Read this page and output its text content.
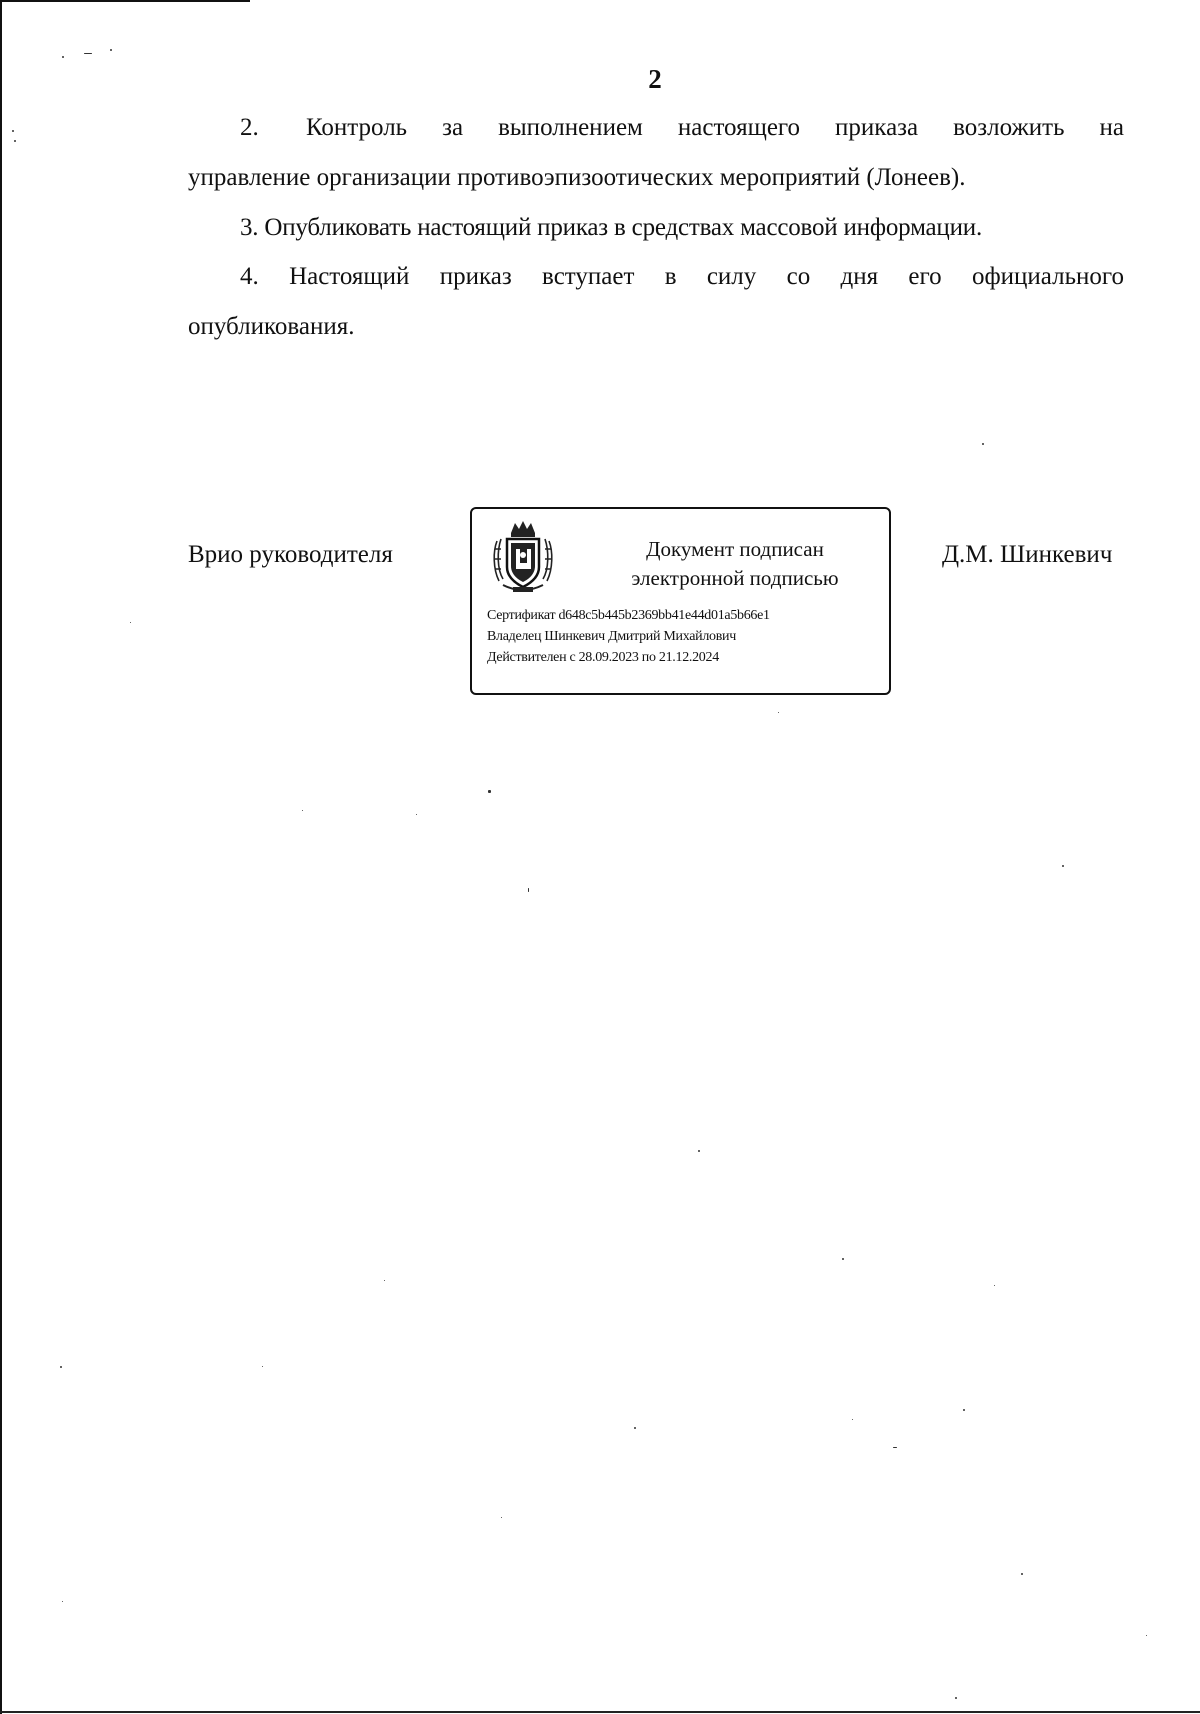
2
2. Контроль за выполнением настоящего приказа возложить на
управление организации противоэпизоотических мероприятий (Лонеев).
3. Опубликовать настоящий приказ в средствах массовой информации.
4. Настоящий приказ вступает в силу со дня его официального
опубликования.
Врио руководителя	Документ подписан
электронной подписью
Сертификат d648c5b445b2369bb41e44d01a5b66e1
Владелец Шинкевич Дмитрий Михайлович
Действителен с 28.09.2023 по 21.12.2024
Д.М. Шинкевич
